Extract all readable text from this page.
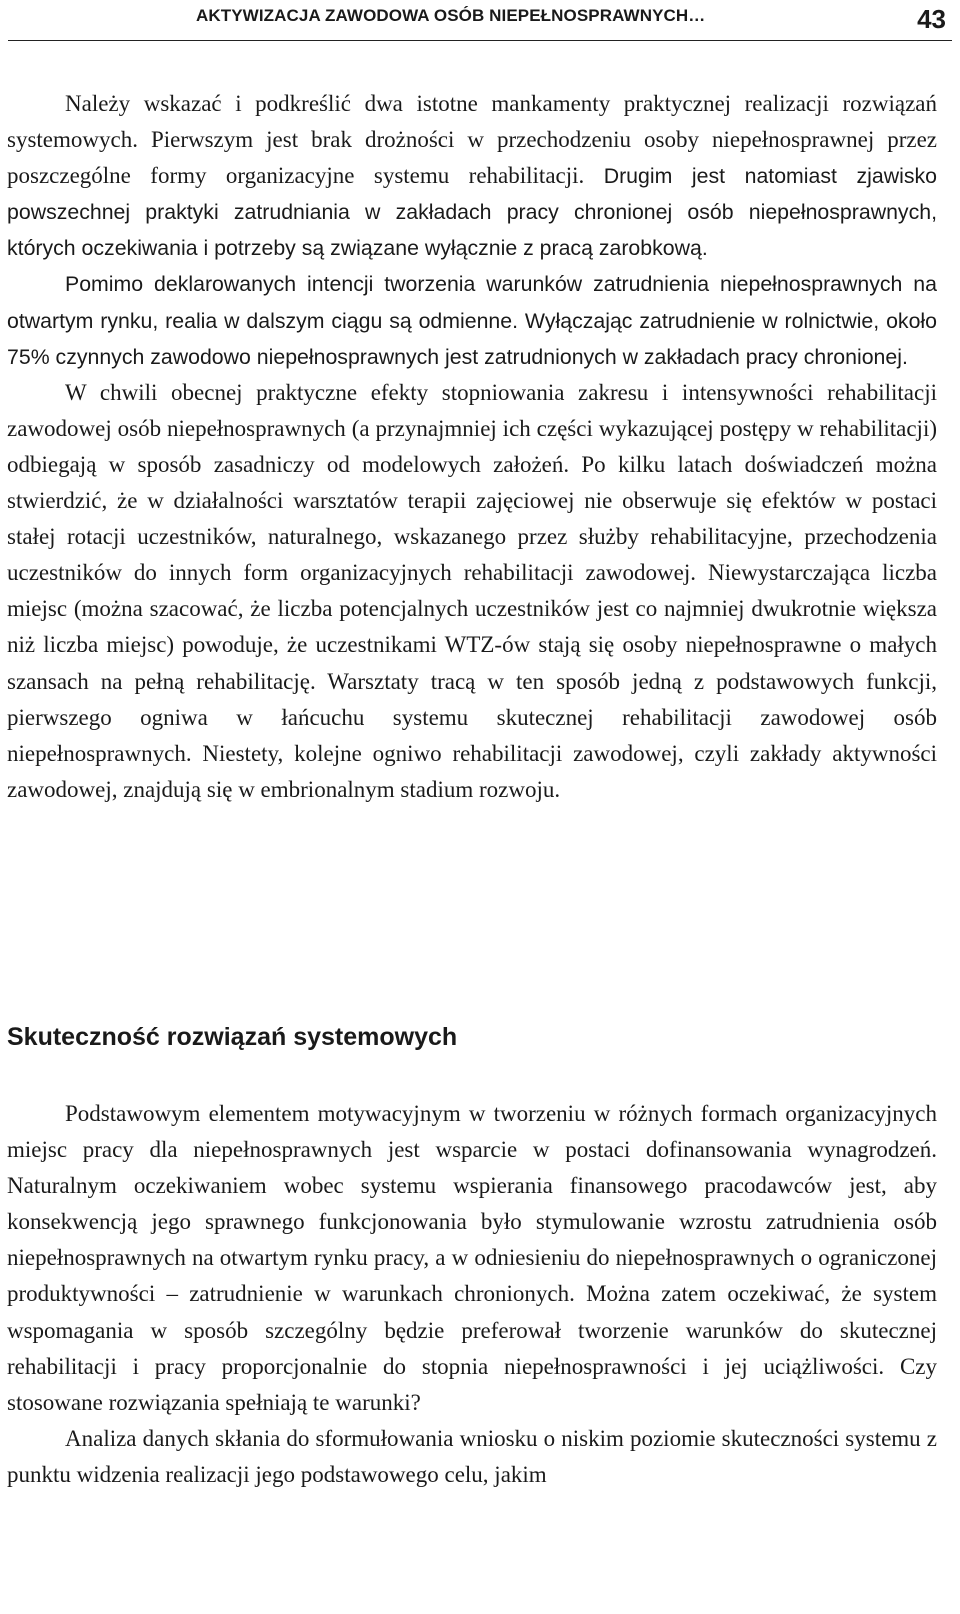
AKTYWIZACJA ZAWODOWA OSÓB NIEPEŁNOSPRAWNYCH…	43

Należy wskazać i podkreślić dwa istotne mankamenty praktycznej realizacji rozwiązań systemowych. Pierwszym jest brak drożności w przechodzeniu osoby niepełnosprawnej przez poszczególne formy organizacyjne systemu rehabilitacji. Drugim jest natomiast zjawisko powszechnej praktyki zatrudniania w zakładach pracy chronionej osób niepełnosprawnych, których oczekiwania i potrzeby są związane wyłącznie z pracą zarobkową.

Pomimo deklarowanych intencji tworzenia warunków zatrudnienia niepełnosprawnych na otwartym rynku, realia w dalszym ciągu są odmienne. Wyłączając zatrudnienie w rolnictwie, około 75% czynnych zawodowo niepełnosprawnych jest zatrudnionych w zakładach pracy chronionej.

W chwili obecnej praktyczne efekty stopniowania zakresu i intensywności rehabilitacji zawodowej osób niepełnosprawnych (a przynajmniej ich części wykazującej postępy w rehabilitacji) odbiegają w sposób zasadniczy od modelowych założeń. Po kilku latach doświadczeń można stwierdzić, że w działalności warsztatów terapii zajęciowej nie obserwuje się efektów w postaci stałej rotacji uczestników, naturalnego, wskazanego przez służby rehabilitacyjne, przechodzenia uczestników do innych form organizacyjnych rehabilitacji zawodowej. Niewystarczająca liczba miejsc (można szacować, że liczba potencjalnych uczestników jest co najmniej dwukrotnie większa niż liczba miejsc) powoduje, że uczestnikami WTZ-ów stają się osoby niepełnosprawne o małych szansach na pełną rehabilitację. Warsztaty tracą w ten sposób jedną z podstawowych funkcji, pierwszego ogniwa w łańcuchu systemu skutecznej rehabilitacji zawodowej osób niepełnosprawnych. Niestety, kolejne ogniwo rehabilitacji zawodowej, czyli zakłady aktywności zawodowej, znajdują się w embrionalnym stadium rozwoju.

Skuteczność rozwiązań systemowych

Podstawowym elementem motywacyjnym w tworzeniu w różnych formach organizacyjnych miejsc pracy dla niepełnosprawnych jest wsparcie w postaci dofinansowania wynagrodzeń. Naturalnym oczekiwaniem wobec systemu wspierania finansowego pracodawców jest, aby konsekwencją jego sprawnego funkcjonowania było stymulowanie wzrostu zatrudnienia osób niepełnosprawnych na otwartym rynku pracy, a w odniesieniu do niepełnosprawnych o ograniczonej produktywności – zatrudnienie w warunkach chronionych. Można zatem oczekiwać, że system wspomagania w sposób szczególny będzie preferował tworzenie warunków do skutecznej rehabilitacji i pracy proporcjonalnie do stopnia niepełnosprawności i jej uciążliwości. Czy stosowane rozwiązania spełniają te warunki?

Analiza danych skłania do sformułowania wniosku o niskim poziomie skuteczności systemu z punktu widzenia realizacji jego podstawowego celu, jakim
